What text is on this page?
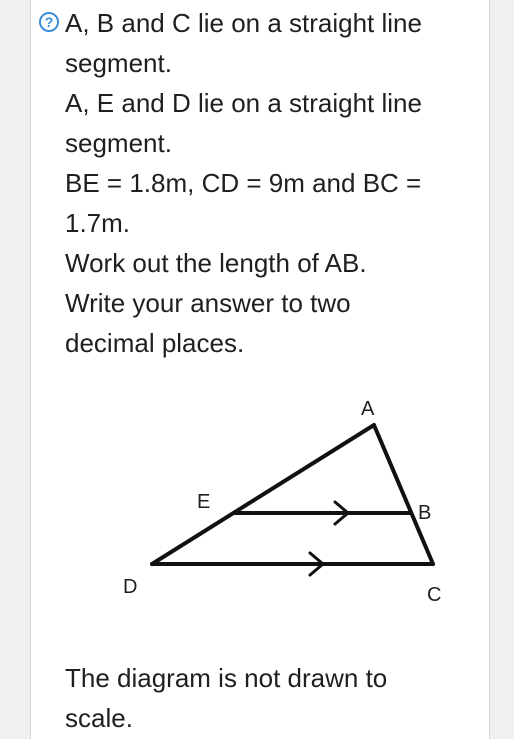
? A, B and C lie on a straight line

segment.

A, E and D lie on a straight line

segment.

BE = 1.8m, CD = 9m and BC =

1.7m.

Work out the length of AB.

Write your answer to two

decimal places.

A
E	B
D	C
The diagram is not drawn to
scale.
